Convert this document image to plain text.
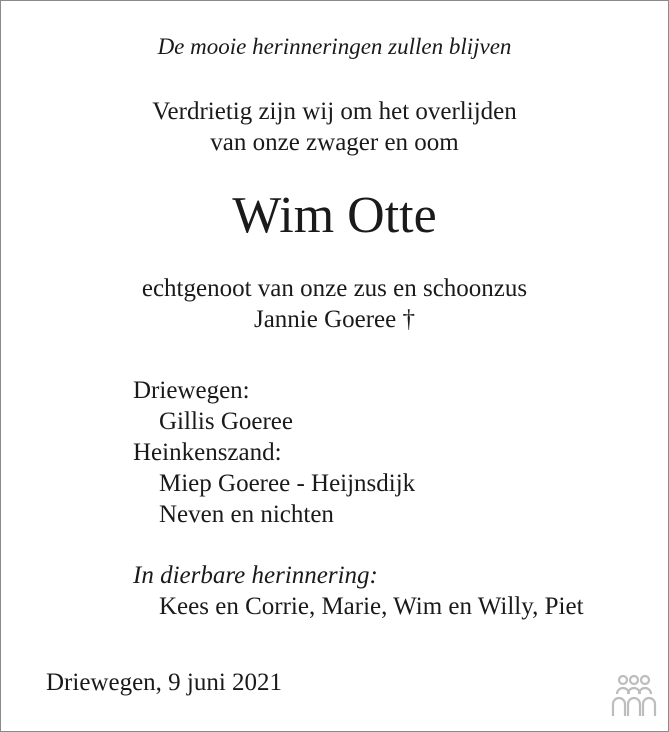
De mooie herinneringen zullen blijven
Verdrietig zijn wij om het overlijden
van onze zwager en oom
Wim Otte
echtgenoot van onze zus en schoonzus
Jannie Goeree †
Driewegen:
Gillis Goeree
Heinkenszand:
Miep Goeree - Heijnsdijk
Neven en nichten
In dierbare herinnering:
Kees en Corrie, Marie, Wim en Willy, Piet
Driewegen, 9 juni 2021
